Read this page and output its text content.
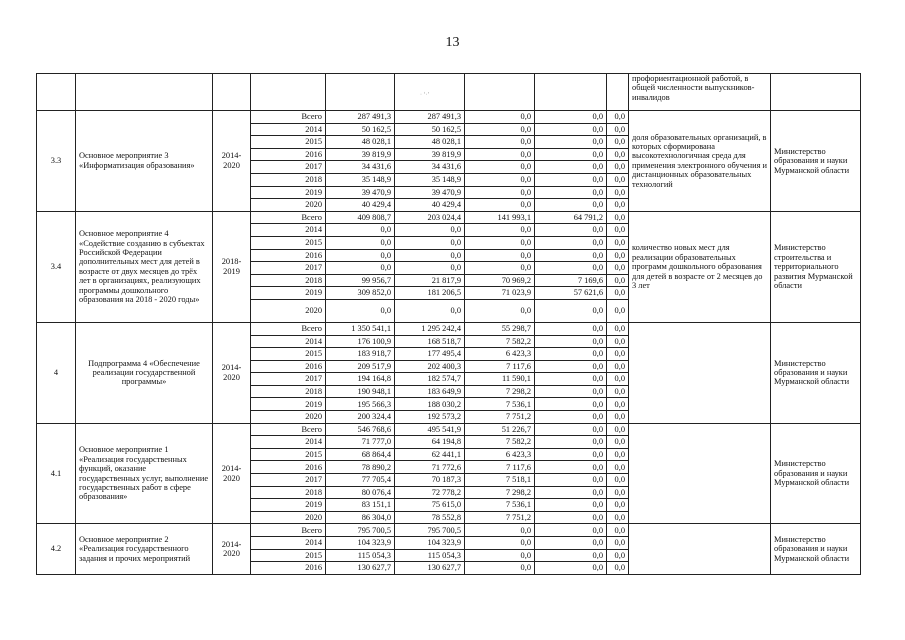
13
· ‘·’
									профориентационной работой, в общей численности выпускников-инвалидов	
3.3	Основное мероприятие 3 «Информатизация образования»	2014-2020	Всего	287 491,3	287 491,3	0,0	0,0	0,0	доля образовательных организаций, в которых сформирована высокотехнологичная среда для применения электронного обучения и дистанционных образовательных технологий	Министерство образования и науки Мурманской области
			2014	50 162,5	50 162,5	0,0	0,0	0,0		
			2015	48 028,1	48 028,1	0,0	0,0	0,0		
			2016	39 819,9	39 819,9	0,0	0,0	0,0		
			2017	34 431,6	34 431,6	0,0	0,0	0,0		
			2018	35 148,9	35 148,9	0,0	0,0	0,0		
			2019	39 470,9	39 470,9	0,0	0,0	0,0		
			2020	40 429,4	40 429,4	0,0	0,0	0,0		
3.4	Основное мероприятие 4 «Содействие созданию в субъектах Российской Федерации дополнительных мест для детей в возрасте от двух месяцев до трёх лет в организациях, реализующих программы дошкольного образования на 2018 - 2020 годы»	2018-2019	Всего	409 808,7	203 024,4	141 993,1	64 791,2	0,0	количество новых мест для реализации образовательных программ дошкольного образования для детей в возрасте от 2 месяцев до 3 лет	Министерство строительства и территориального развития Мурманской области
			2014	0,0	0,0	0,0	0,0	0,0		
			2015	0,0	0,0	0,0	0,0	0,0		
			2016	0,0	0,0	0,0	0,0	0,0		
			2017	0,0	0,0	0,0	0,0	0,0		
			2018	99 956,7	21 817,9	70 969,2	7 169,6	0,0		
			2019	309 852,0	181 206,5	71 023,9	57 621,6	0,0		
			2020	0,0	0,0	0,0	0,0	0,0		
4	Подпрограмма 4 «Обеспечение реализации государственной программы»	2014-2020	Всего	1 350 541,1	1 295 242,4	55 298,7	0,0	0,0		Министерство образования и науки Мурманской области
			2014	176 100,9	168 518,7	7 582,2	0,0	0,0		
			2015	183 918,7	177 495,4	6 423,3	0,0	0,0		
			2016	209 517,9	202 400,3	7 117,6	0,0	0,0		
			2017	194 164,8	182 574,7	11 590,1	0,0	0,0		
			2018	190 948,1	183 649,9	7 298,2	0,0	0,0		
			2019	195 566,3	188 030,2	7 536,1	0,0	0,0		
			2020	200 324,4	192 573,2	7 751,2	0,0	0,0		
4.1	Основное мероприятие 1 «Реализация государственных функций, оказание государственных услуг, выполнение государственных работ в сфере образования»	2014-2020	Всего	546 768,6	495 541,9	51 226,7	0,0	0,0		Министерство образования и науки Мурманской области
			2014	71 777,0	64 194,8	7 582,2	0,0	0,0		
			2015	68 864,4	62 441,1	6 423,3	0,0	0,0		
			2016	78 890,2	71 772,6	7 117,6	0,0	0,0		
			2017	77 705,4	70 187,3	7 518,1	0,0	0,0		
			2018	80 076,4	72 778,2	7 298,2	0,0	0,0		
			2019	83 151,1	75 615,0	7 536,1	0,0	0,0		
			2020	86 304,0	78 552,8	7 751,2	0,0	0,0		
4.2	Основное мероприятие 2 «Реализация государственного задания и прочих мероприятий	2014-2020	Всего	795 700,5	795 700,5	0,0	0,0	0,0		Министерство образования и науки Мурманской области
			2014	104 323,9	104 323,9	0,0	0,0	0,0		
			2015	115 054,3	115 054,3	0,0	0,0	0,0		
			2016	130 627,7	130 627,7	0,0	0,0	0,0		
